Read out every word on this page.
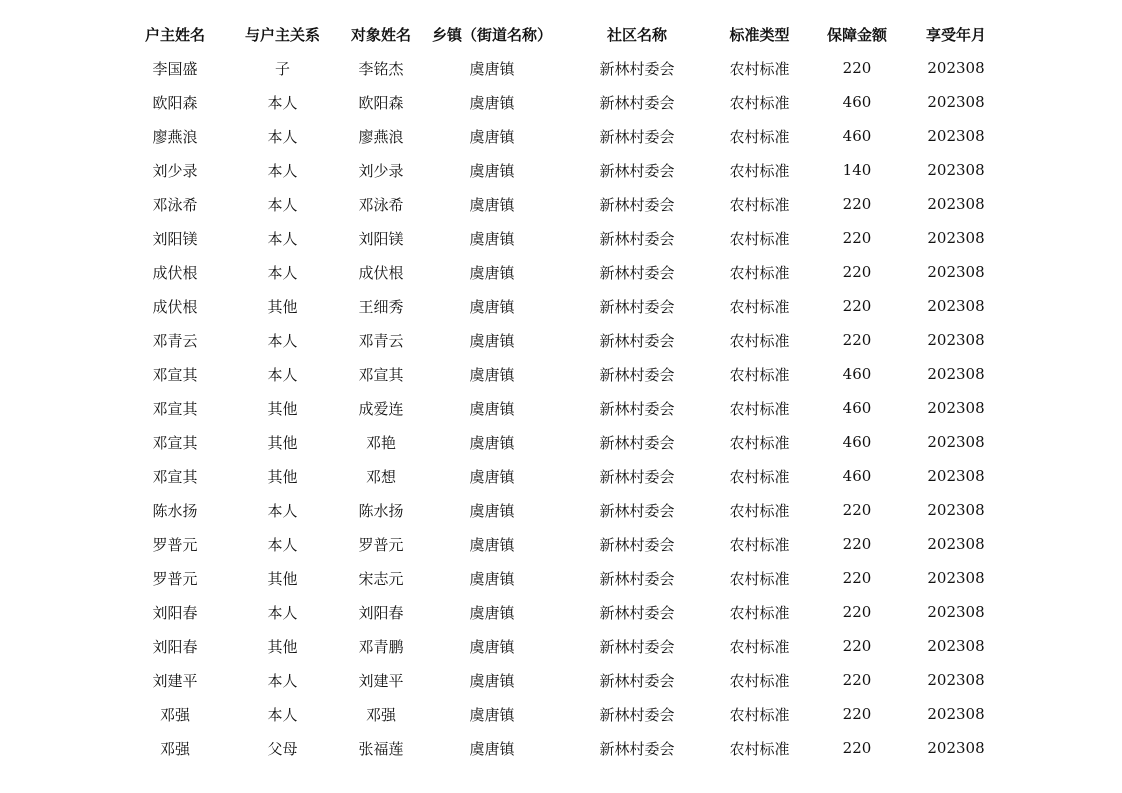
户主姓名	与户主关系	对象姓名	乡镇（街道名称）	社区名称	标准类型	保障金额	享受年月
李国盛	子	李铭杰	虞唐镇	新林村委会	农村标准	220	202308
欧阳森	本人	欧阳森	虞唐镇	新林村委会	农村标准	460	202308
廖燕浪	本人	廖燕浪	虞唐镇	新林村委会	农村标准	460	202308
刘少录	本人	刘少录	虞唐镇	新林村委会	农村标准	140	202308
邓泳希	本人	邓泳希	虞唐镇	新林村委会	农村标准	220	202308
刘阳镁	本人	刘阳镁	虞唐镇	新林村委会	农村标准	220	202308
成伏根	本人	成伏根	虞唐镇	新林村委会	农村标准	220	202308
成伏根	其他	王细秀	虞唐镇	新林村委会	农村标准	220	202308
邓青云	本人	邓青云	虞唐镇	新林村委会	农村标准	220	202308
邓宣其	本人	邓宣其	虞唐镇	新林村委会	农村标准	460	202308
邓宣其	其他	成爱连	虞唐镇	新林村委会	农村标准	460	202308
邓宣其	其他	邓艳	虞唐镇	新林村委会	农村标准	460	202308
邓宣其	其他	邓想	虞唐镇	新林村委会	农村标准	460	202308
陈水扬	本人	陈水扬	虞唐镇	新林村委会	农村标准	220	202308
罗普元	本人	罗普元	虞唐镇	新林村委会	农村标准	220	202308
罗普元	其他	宋志元	虞唐镇	新林村委会	农村标准	220	202308
刘阳春	本人	刘阳春	虞唐镇	新林村委会	农村标准	220	202308
刘阳春	其他	邓青鹏	虞唐镇	新林村委会	农村标准	220	202308
刘建平	本人	刘建平	虞唐镇	新林村委会	农村标准	220	202308
邓强	本人	邓强	虞唐镇	新林村委会	农村标准	220	202308
邓强	父母	张福莲	虞唐镇	新林村委会	农村标准	220	202308
